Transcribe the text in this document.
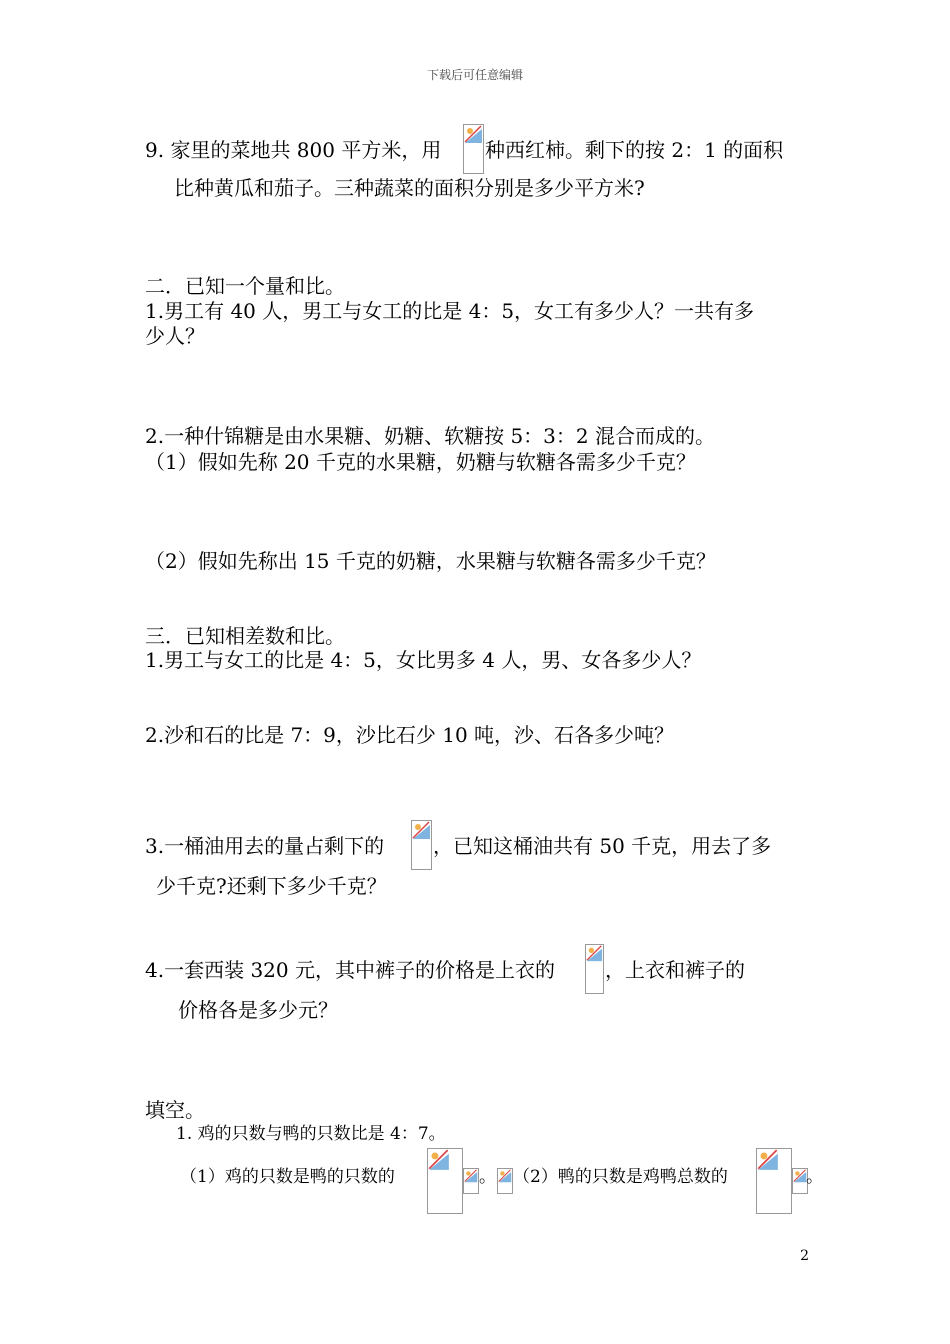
下载后可任意编辑
9. 家里的菜地共 800 平方米，用 种西红柿。剩下的按 2：1 的面积
比种黄瓜和茄子。三种蔬菜的面积分别是多少平方米?
二．已知一个量和比。
1.男工有 40 人，男工与女工的比是 4：5，女工有多少人？一共有多
少人？
2.一种什锦糖是由水果糖、奶糖、软糖按 5：3：2 混合而成的。
（1）假如先称 20 千克的水果糖，奶糖与软糖各需多少千克？
（2）假如先称出 15 千克的奶糖，水果糖与软糖各需多少千克？
三．已知相差数和比。
1.男工与女工的比是 4：5，女比男多 4 人，男、女各多少人？
2.沙和石的比是 7：9，沙比石少 10 吨，沙、石各多少吨？
3.一桶油用去的量占剩下的 ，已知这桶油共有 50 千克，用去了多
少千克?还剩下多少千克？
4.一套西装 320 元，其中裤子的价格是上衣的	，上衣和裤子的
价格各是多少元？
填空。
1. 鸡的只数与鸭的只数比是 4：7。
（1）鸡的只数是鸭的只数的	。 （2）鸭的只数是鸡鸭总数的	。
2
